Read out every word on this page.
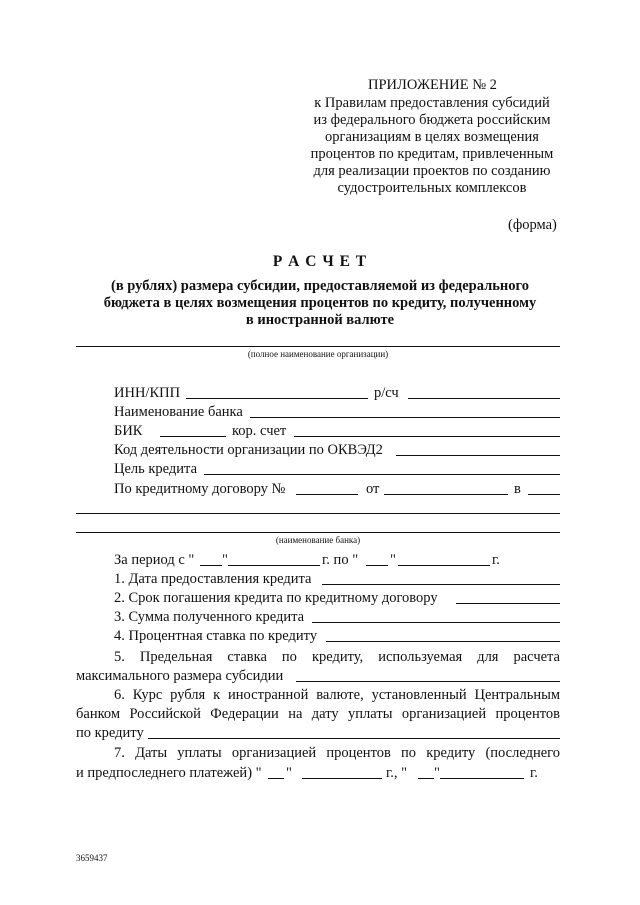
ПРИЛОЖЕНИЕ № 2
к Правилам предоставления субсидий
из федерального бюджета российским
организациям в целях возмещения
процентов по кредитам, привлеченным
для реализации проектов по созданию
судостроительных комплексов
(форма)
Р А С Ч Е Т
(в рублях) размера субсидии, предоставляемой из федерального
бюджета в целях возмещения процентов по кредиту, полученному
в иностранной валюте
(полное наименование организации)
ИНН/КПП	р/сч
Наименование банка
БИК	кор. счет
Код деятельности организации по ОКВЭД2
Цель кредита
По кредитному договору №	от	в
(наименование банка)
За период с " "	г. по " "	г.
1. Дата предоставления кредита
2. Срок погашения кредита по кредитному договору
3. Сумма полученного кредита
4. Процентная ставка по кредиту
5. Предельная ставка по кредиту, используемая для расчета
максимального размера субсидии
6. Курс рубля к иностранной валюте, установленный Центральным
банком Российской Федерации на дату уплаты организацией процентов
по кредиту
7. Даты уплаты организацией процентов по кредиту (последнего
и предпоследнего платежей) " "	г., " "	г.
3659437
